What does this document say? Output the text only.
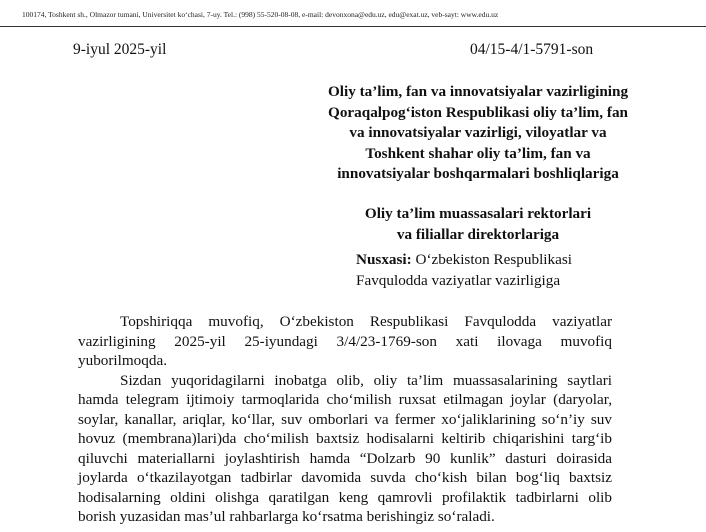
100174, Toshkent sh., Olmazor tumani, Universitet ko‘chasi, 7-uy. Tel.: (998) 55-520-08-08, e-mail: devonxona@edu.uz, edu@exat.uz, veb-sayt: www.edu.uz
9-iyul 2025-yil	04/15-4/1-5791-son
Oliy ta’lim, fan va innovatsiyalar vazirligining
Qoraqalpog‘iston Respublikasi oliy ta’lim, fan
va innovatsiyalar vazirligi, viloyatlar va
Toshkent shahar oliy ta’lim, fan va
innovatsiyalar boshqarmalari boshliqlariga
Oliy ta’lim muassasalari rektorlari
va filiallar direktorlariga
Nusxasi: O‘zbekiston Respublikasi
Favqulodda vaziyatlar vazirligiga
Topshiriqqa muvofiq, O‘zbekiston Respublikasi Favqulodda vaziyatlar
vazirligining 2025-yil 25-iyundagi 3/4/23-1769-son xati ilovaga muvofiq
yuborilmoqda.
Sizdan yuqoridagilarni inobatga olib, oliy ta’lim muassasalarining saytlari
hamda telegram ijtimoiy tarmoqlarida cho‘milish ruxsat etilmagan joylar (daryolar,
soylar, kanallar, ariqlar, ko‘llar, suv omborlari va fermer xo‘jaliklarining so‘n’iy suv
hovuz (membrana)lari)da cho‘milish baxtsiz hodisalarni keltirib chiqarishini targ‘ib
qiluvchi materiallarni joylashtirish hamda “Dolzarb 90 kunlik” dasturi doirasida
joylarda o‘tkazilayotgan tadbirlar davomida suvda cho‘kish bilan bog‘liq baxtsiz
hodisalarning oldini olishga qaratilgan keng qamrovli profilaktik tadbirlarni olib
borish yuzasidan mas’ul rahbarlarga ko‘rsatma berishingiz so‘raladi.
